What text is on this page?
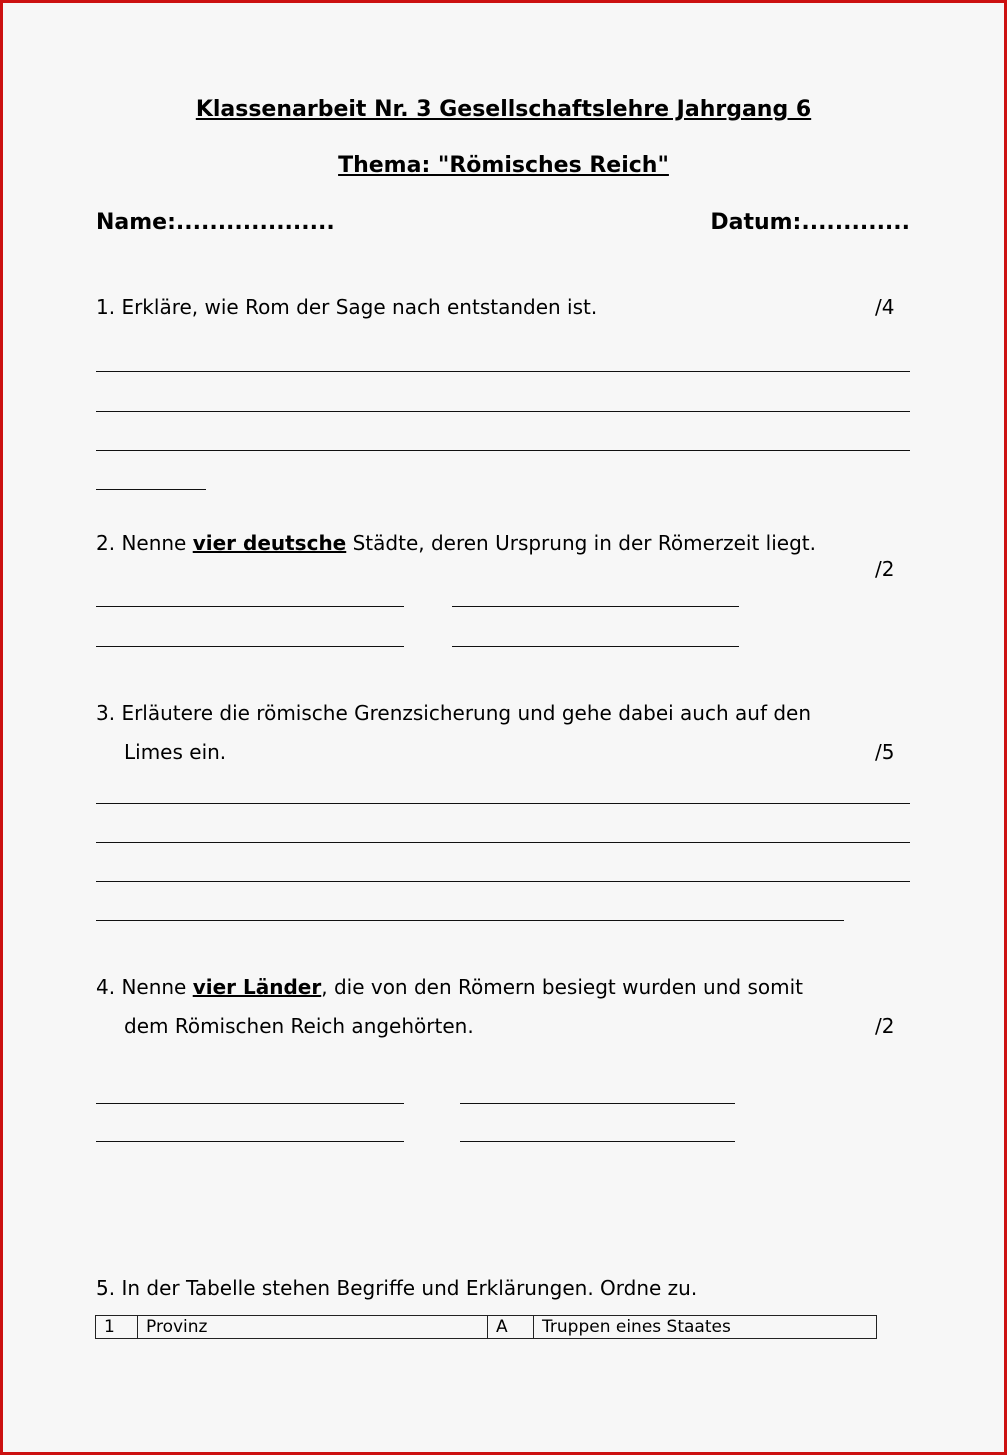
Klassenarbeit Nr. 3 Gesellschaftslehre Jahrgang 6
Thema: "Römisches Reich"
Name:...................	Datum:.............
1. Erkläre, wie Rom der Sage nach entstanden ist.	/4
2. Nenne vier deutsche Städte, deren Ursprung in der Römerzeit liegt.
/2
3. Erläutere die römische Grenzsicherung und gehe dabei auch auf den
Limes ein.	/5
4. Nenne vier Länder, die von den Römern besiegt wurden und somit
dem Römischen Reich angehörten.	/2
5. In der Tabelle stehen Begriffe und Erklärungen. Ordne zu.
1	Provinz	A	Truppen eines Staates
